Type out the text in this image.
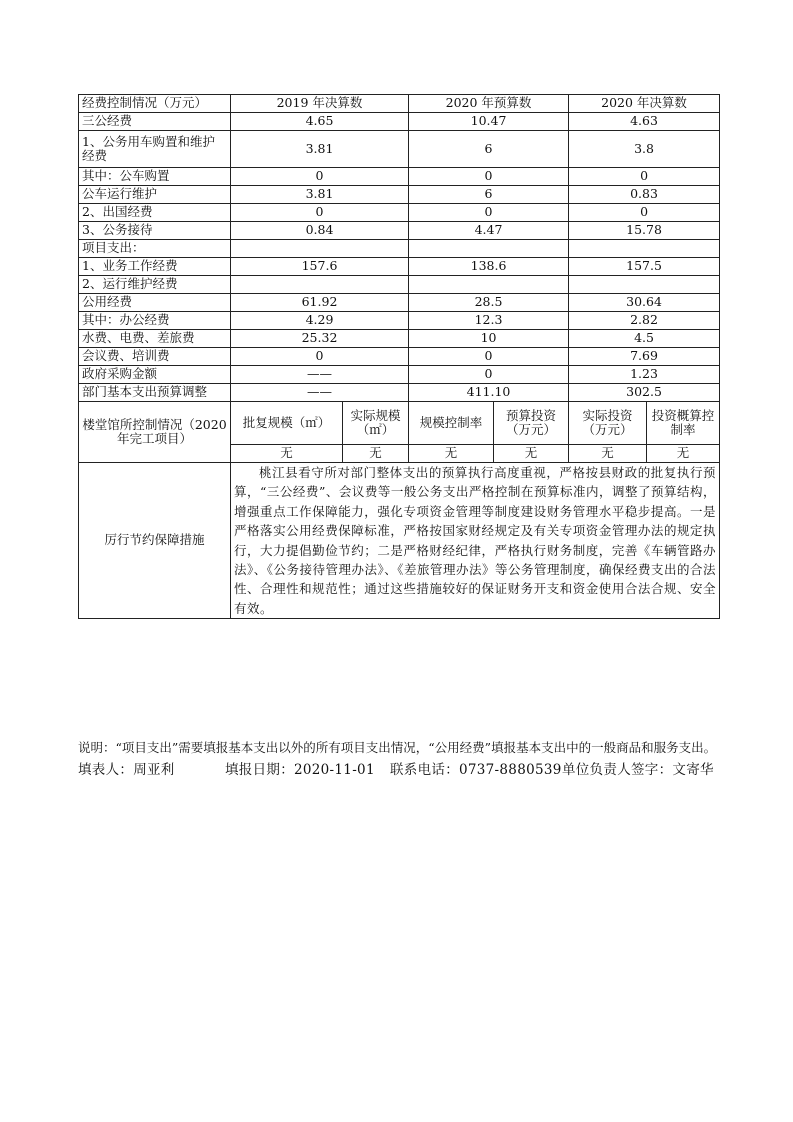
经费控制情况（万元）	2019 年决算数		2020 年预算数		2020 年决算数	
三公经费	4.65		10.47		4.63	
1、公务用车购置和维护经费	3.81		6		3.8	
其中：公车购置	0		0		0	
公车运行维护	3.81		6		0.83	
2、出国经费	0		0		0	
3、公务接待	0.84		4.47		15.78	
项目支出：						
1、业务工作经费	157.6		138.6		157.5	
2、运行维护经费						
公用经费	61.92		28.5		30.64	
其中：办公经费	4.29		12.3		2.82	
水费、电费、差旅费	25.32		10		4.5	
会议费、培训费	0		0		7.69	
政府采购金额	——		0		1.23	
部门基本支出预算调整	——		411.10		302.5	
楼堂馆所控制情况（2020 年完工项目）	批复规模（㎡）	实际规模（㎡）	规模控制率	预算投资（万元）	实际投资（万元）	投资概算控制率
	无	无	无	无	无	无
厉行节约保障措施	桃江县看守所对部门整体支出的预算执行高度重视，严格按县财政的批复执行预算，“三公经费”、会议费等一般公务支出严格控制在预算标准内，调整了预算结构，增强重点工作保障能力，强化专项资金管理等制度建设财务管理水平稳步提高。一是严格落实公用经费保障标准，严格按国家财经规定及有关专项资金管理办法的规定执行，大力提倡勤俭节约；二是严格财经纪律，严格执行财务制度，完善《车辆管路办法》、《公务接待管理办法》、《差旅管理办法》等公务管理制度，确保经费支出的合法性、合理性和规范性；通过这些措施较好的保证财务开支和资金使用合法合规、安全有效。					

说明：“项目支出”需要填报基本支出以外的所有项目支出情况，“公用经费”填报基本支出中的一般商品和服务支出。

填表人：周亚利	填报日期：2020-11-01 联系电话：0737-8880539单位负责人签字：文寄华
